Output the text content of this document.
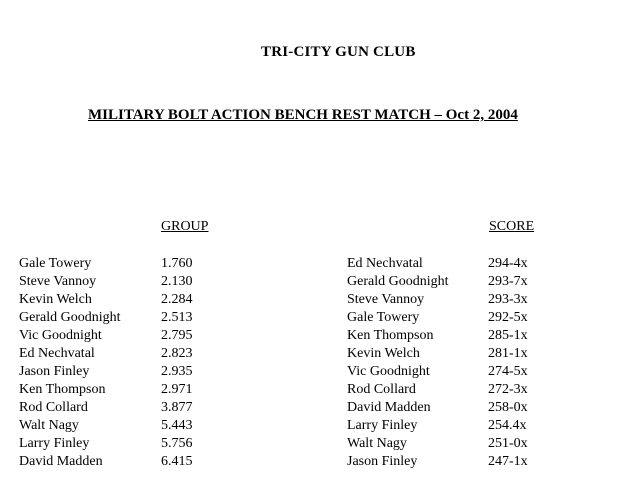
TRI-CITY GUN CLUB
MILITARY BOLT ACTION BENCH REST MATCH – Oct 2, 2004
GROUP	SCORE
Gale Towery	1.760
Steve Vannoy	2.130
Kevin Welch	2.284
Gerald Goodnight	2.513
Vic Goodnight	2.795
Ed Nechvatal	2.823
Jason Finley	2.935
Ken Thompson	2.971
Rod Collard	3.877
Walt Nagy	5.443
Larry Finley	5.756
David Madden	6.415
Ed Nechvatal	294-4x
Gerald Goodnight	293-7x
Steve Vannoy	293-3x
Gale Towery	292-5x
Ken Thompson	285-1x
Kevin Welch	281-1x
Vic Goodnight	274-5x
Rod Collard	272-3x
David Madden	258-0x
Larry Finley	254.4x
Walt Nagy	251-0x
Jason Finley	247-1x
